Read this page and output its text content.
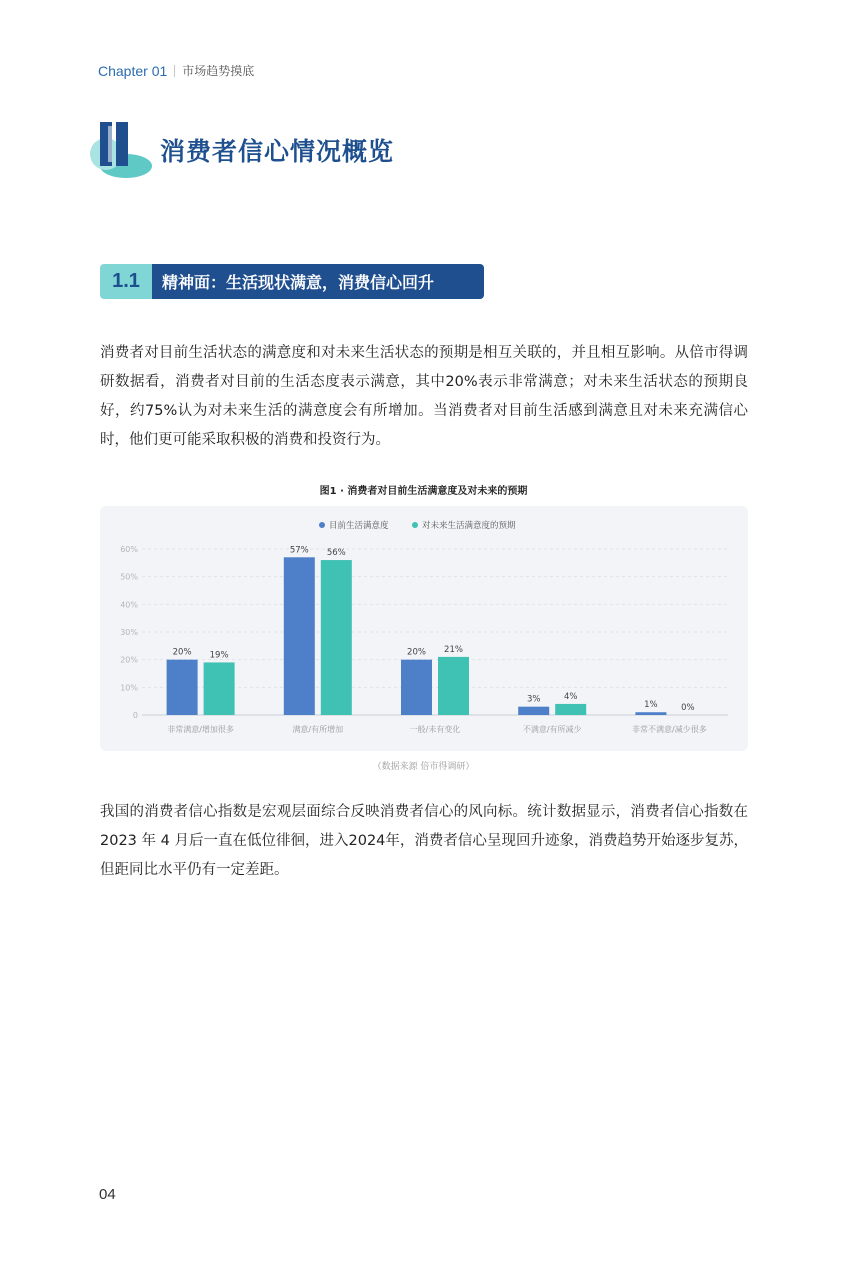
Chapter 01 市场趋势摸底
消费者信心情况概览
1.1	精神面：生活现状满意，消费信心回升
消费者对目前生活状态的满意度和对未来生活状态的预期是相互关联的，并且相互影响。从倍市得调研数据看，消费者对目前的生活态度表示满意，其中20%表示非常满意；对未来生活状态的预期良好，约75%认为对未来生活的满意度会有所增加。当消费者对目前生活感到满意且对未来充满信心时，他们更可能采取积极的消费和投资行为。
图1 · 消费者对目前生活满意度及对未来的预期
0
10%
20%
30%
40%
50%
60%
目前生活满意度	对未来生活满意度的预期
20% 19%
非常满意/增加很多
57% 56%
满意/有所增加
20% 21%
一般/未有变化
3%	4%
不满意/有所减少
1%	0%
非常不满意/减少很多
（数据来源 倍市得调研）
我国的消费者信心指数是宏观层面综合反映消费者信心的风向标。统计数据显示，消费者信心指数在 2023 年 4 月后一直在低位徘徊，进入2024年，消费者信心呈现回升迹象，消费趋势开始逐步复苏，但距同比水平仍有一定差距。
04
